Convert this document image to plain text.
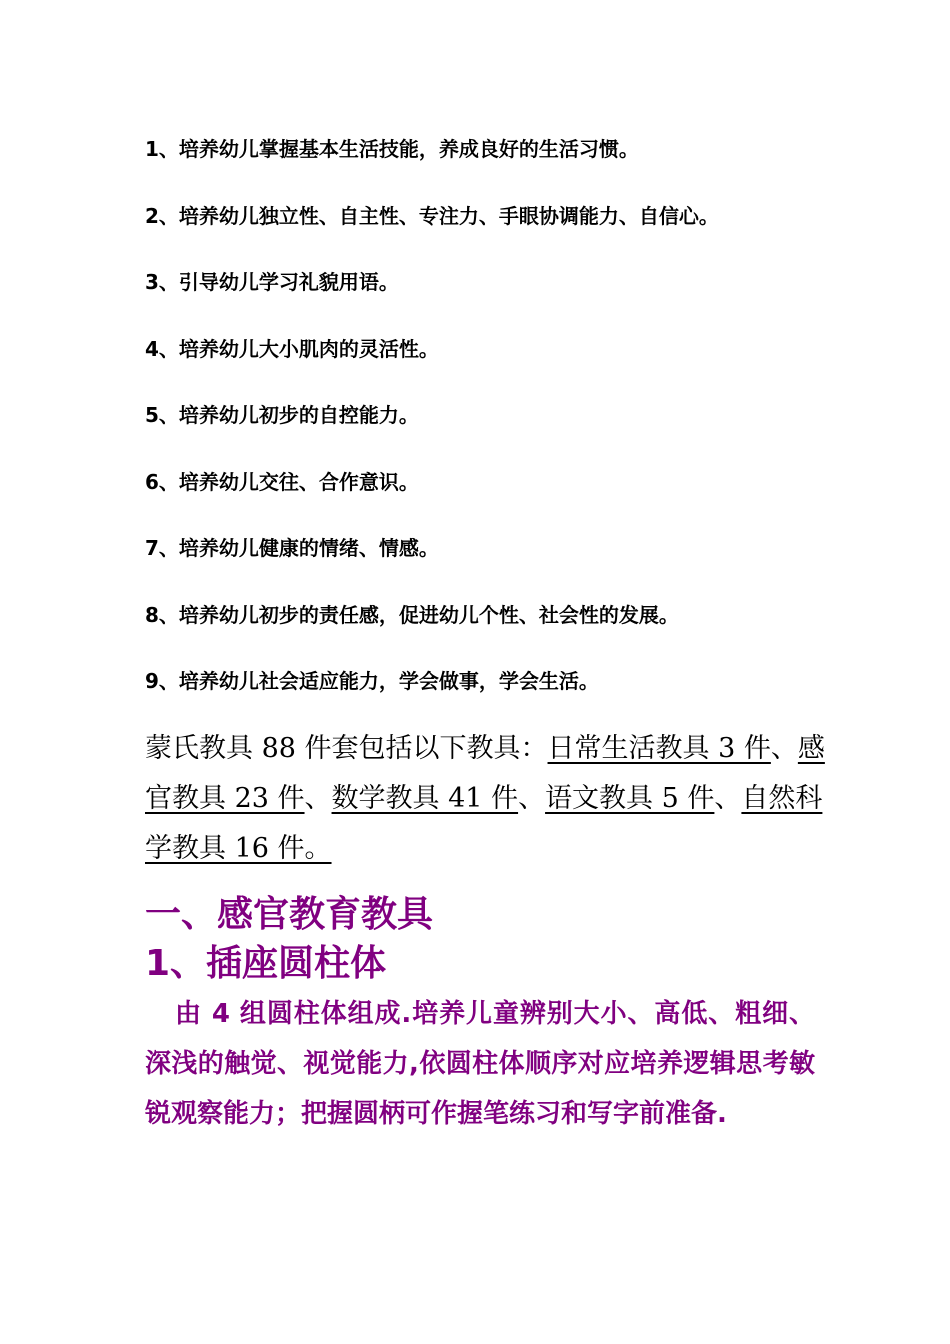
1、培养幼儿掌握基本生活技能，养成良好的生活习惯。
2、培养幼儿独立性、自主性、专注力、手眼协调能力、自信心。
3、引导幼儿学习礼貌用语。
4、培养幼儿大小肌肉的灵活性。
5、培养幼儿初步的自控能力。
6、培养幼儿交往、合作意识。
7、培养幼儿健康的情绪、情感。
8、培养幼儿初步的责任感，促进幼儿个性、社会性的发展。
9、培养幼儿社会适应能力，学会做事，学会生活。

蒙氏教具 88 件套包括以下教具：日常生活教具 3 件、感官教具 23 件、数学教具 41 件、语文教具 5 件、自然科学教具 16 件。

一、感官教育教具
1、插座圆柱体

由 4 组圆柱体组成.培养儿童辨别大小、高低、粗细、深浅的触觉、视觉能力,依圆柱体顺序对应培养逻辑思考敏锐观察能力；把握圆柄可作握笔练习和写字前准备.
